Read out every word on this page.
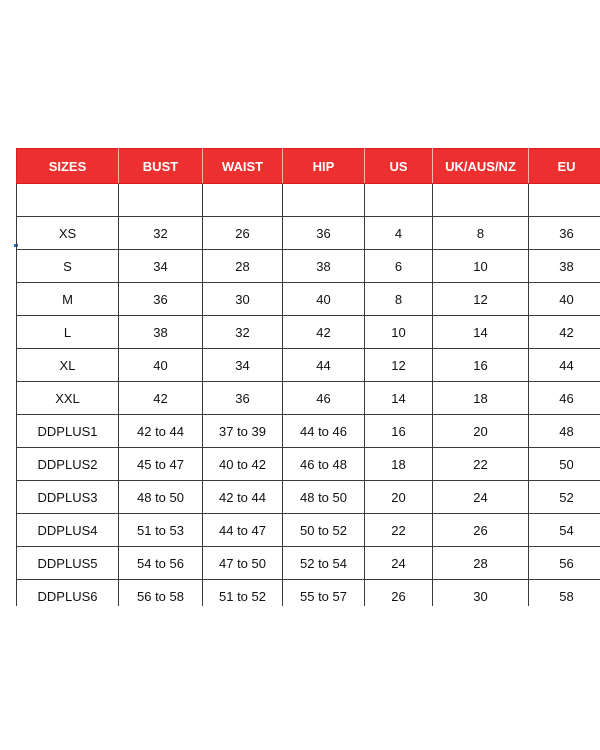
SIZES	BUST	WAIST	HIP	US	UK/AUS/NZ	EU

XS	32	26	36	4	8	36
S	34	28	38	6	10	38
M	36	30	40	8	12	40
L	38	32	42	10	14	42
XL	40	34	44	12	16	44
XXL	42	36	46	14	18	46
DDPLUS1	42 to 44	37 to 39	44 to 46	16	20	48
DDPLUS2	45 to 47	40 to 42	46 to 48	18	22	50
DDPLUS3	48 to 50	42 to 44	48 to 50	20	24	52
DDPLUS4	51 to 53	44 to 47	50 to 52	22	26	54
DDPLUS5	54 to 56	47 to 50	52 to 54	24	28	56
DDPLUS6	56 to 58	51 to 52	55 to 57	26	30	58
